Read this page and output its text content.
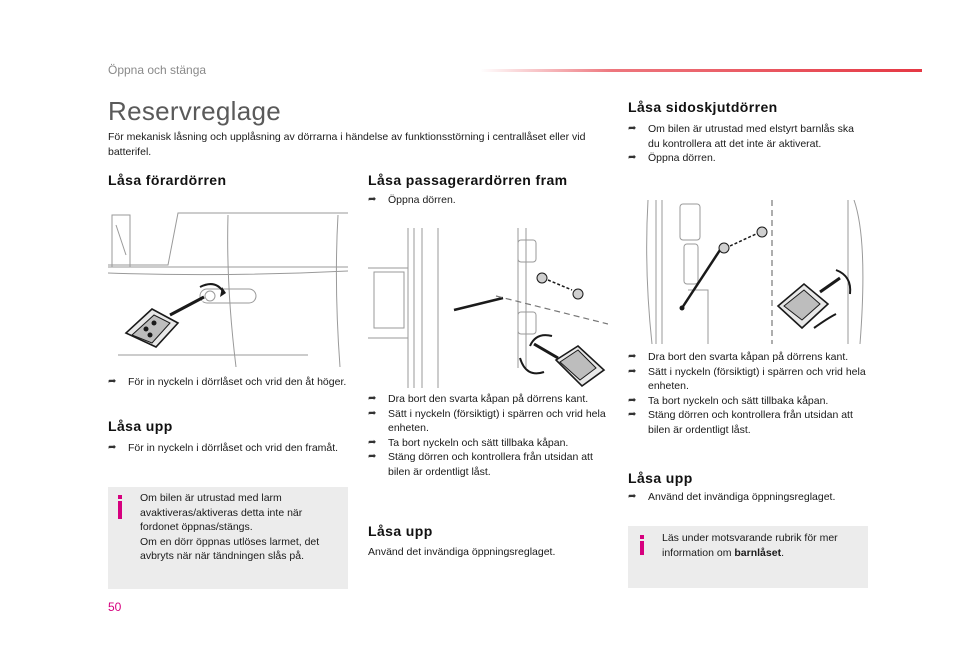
Öppna och stänga
Reservreglage
För mekanisk låsning och upplåsning av dörrarna i händelse av funktionsstörning i centrallåset eller vid batterifel.
Låsa förardörren
➦ För in nyckeln i dörrlåset och vrid den åt höger.
Låsa upp
➦ För in nyckeln i dörrlåset och vrid den framåt.
Om bilen är utrustad med larm
avaktiveras/aktiveras detta inte när
fordonet öppnas/stängs.
Om en dörr öppnas utlöses larmet, det
avbryts när när tändningen slås på.
Låsa passagerardörren fram
➦ Öppna dörren.
➦ Dra bort den svarta kåpan på dörrens kant.
➦ Sätt i nyckeln (försiktigt) i spärren och vrid hela enheten.
➦ Ta bort nyckeln och sätt tillbaka kåpan.
➦ Stäng dörren och kontrollera från utsidan att bilen är ordentligt låst.
Låsa upp
Använd det invändiga öppningsreglaget.
Låsa sidoskjutdörren
➦ Om bilen är utrustad med elstyrt barnlås ska du kontrollera att det inte är aktiverat.
➦ Öppna dörren.
➦ Dra bort den svarta kåpan på dörrens kant.
➦ Sätt i nyckeln (försiktigt) i spärren och vrid hela enheten.
➦ Ta bort nyckeln och sätt tillbaka kåpan.
➦ Stäng dörren och kontrollera från utsidan att bilen är ordentligt låst.
Låsa upp
➦ Använd det invändiga öppningsreglaget.
Läs under motsvarande rubrik för mer information om barnlåset.
50
